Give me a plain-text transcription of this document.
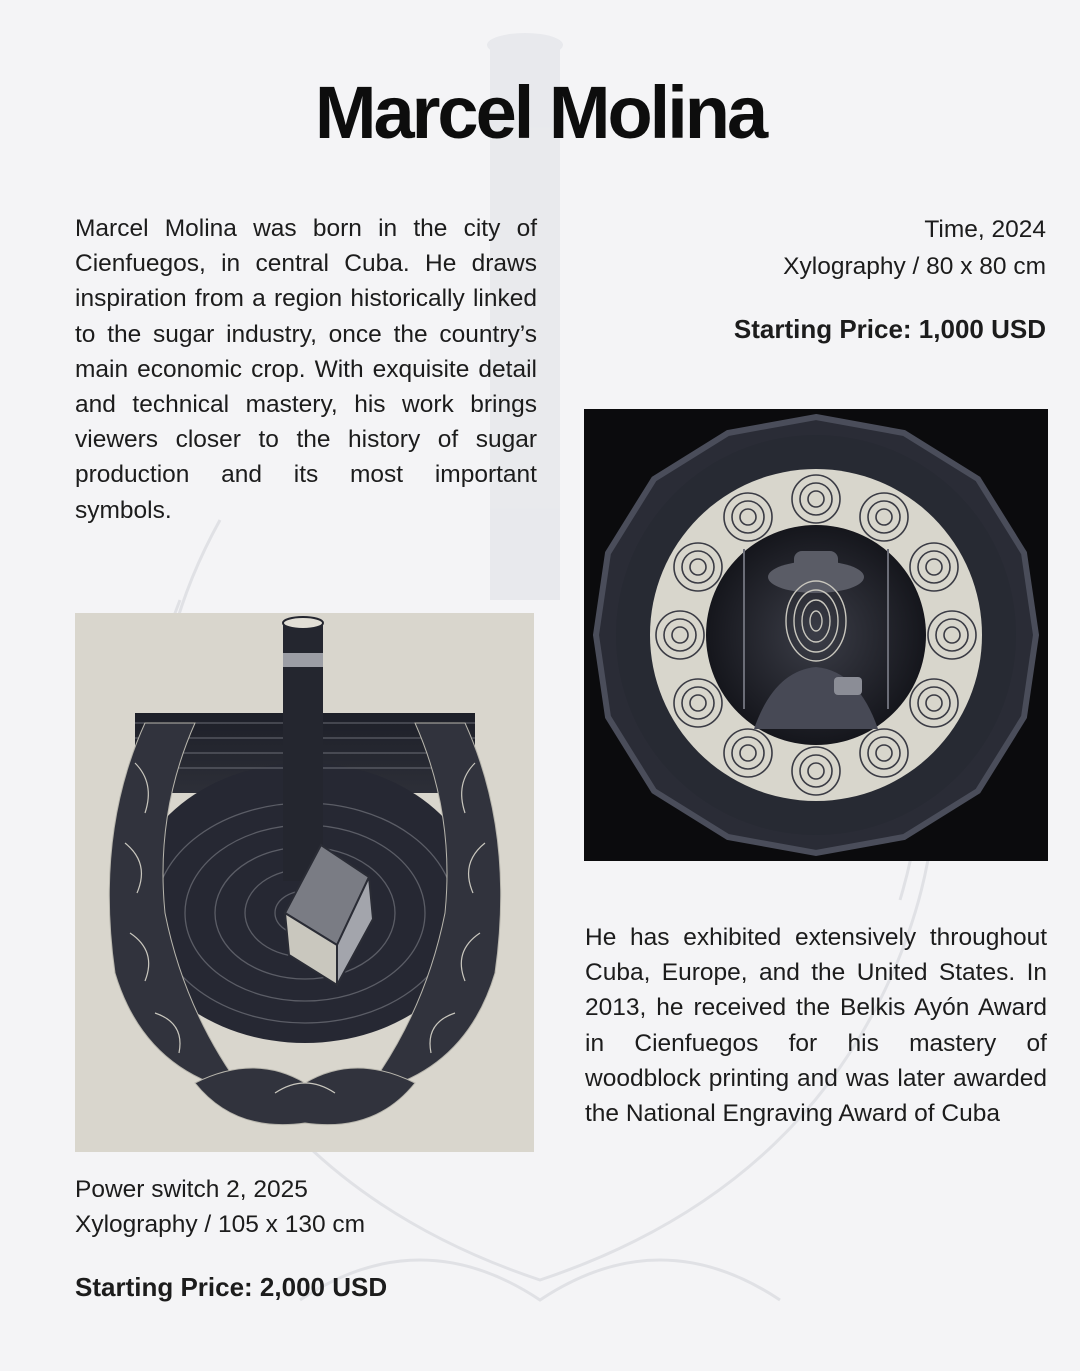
Marcel Molina

Marcel Molina was born in the city of Cienfuegos, in central Cuba. He draws inspiration from a region historically linked to the sugar industry, once the country’s main economic crop. With exquisite detail and technical mastery, his work brings viewers closer to the history of sugar production and its most important symbols.

Time, 2024
Xylography / 80 x 80 cm
Starting Price: 1,000 USD

He has exhibited extensively throughout Cuba, Europe, and the United States. In 2013, he received the Belkis Ayón Award in Cienfuegos for his mastery of woodblock printing and was later awarded the National Engraving Award of Cuba

Power switch 2, 2025
Xylography / 105 x 130 cm
Starting Price: 2,000 USD
